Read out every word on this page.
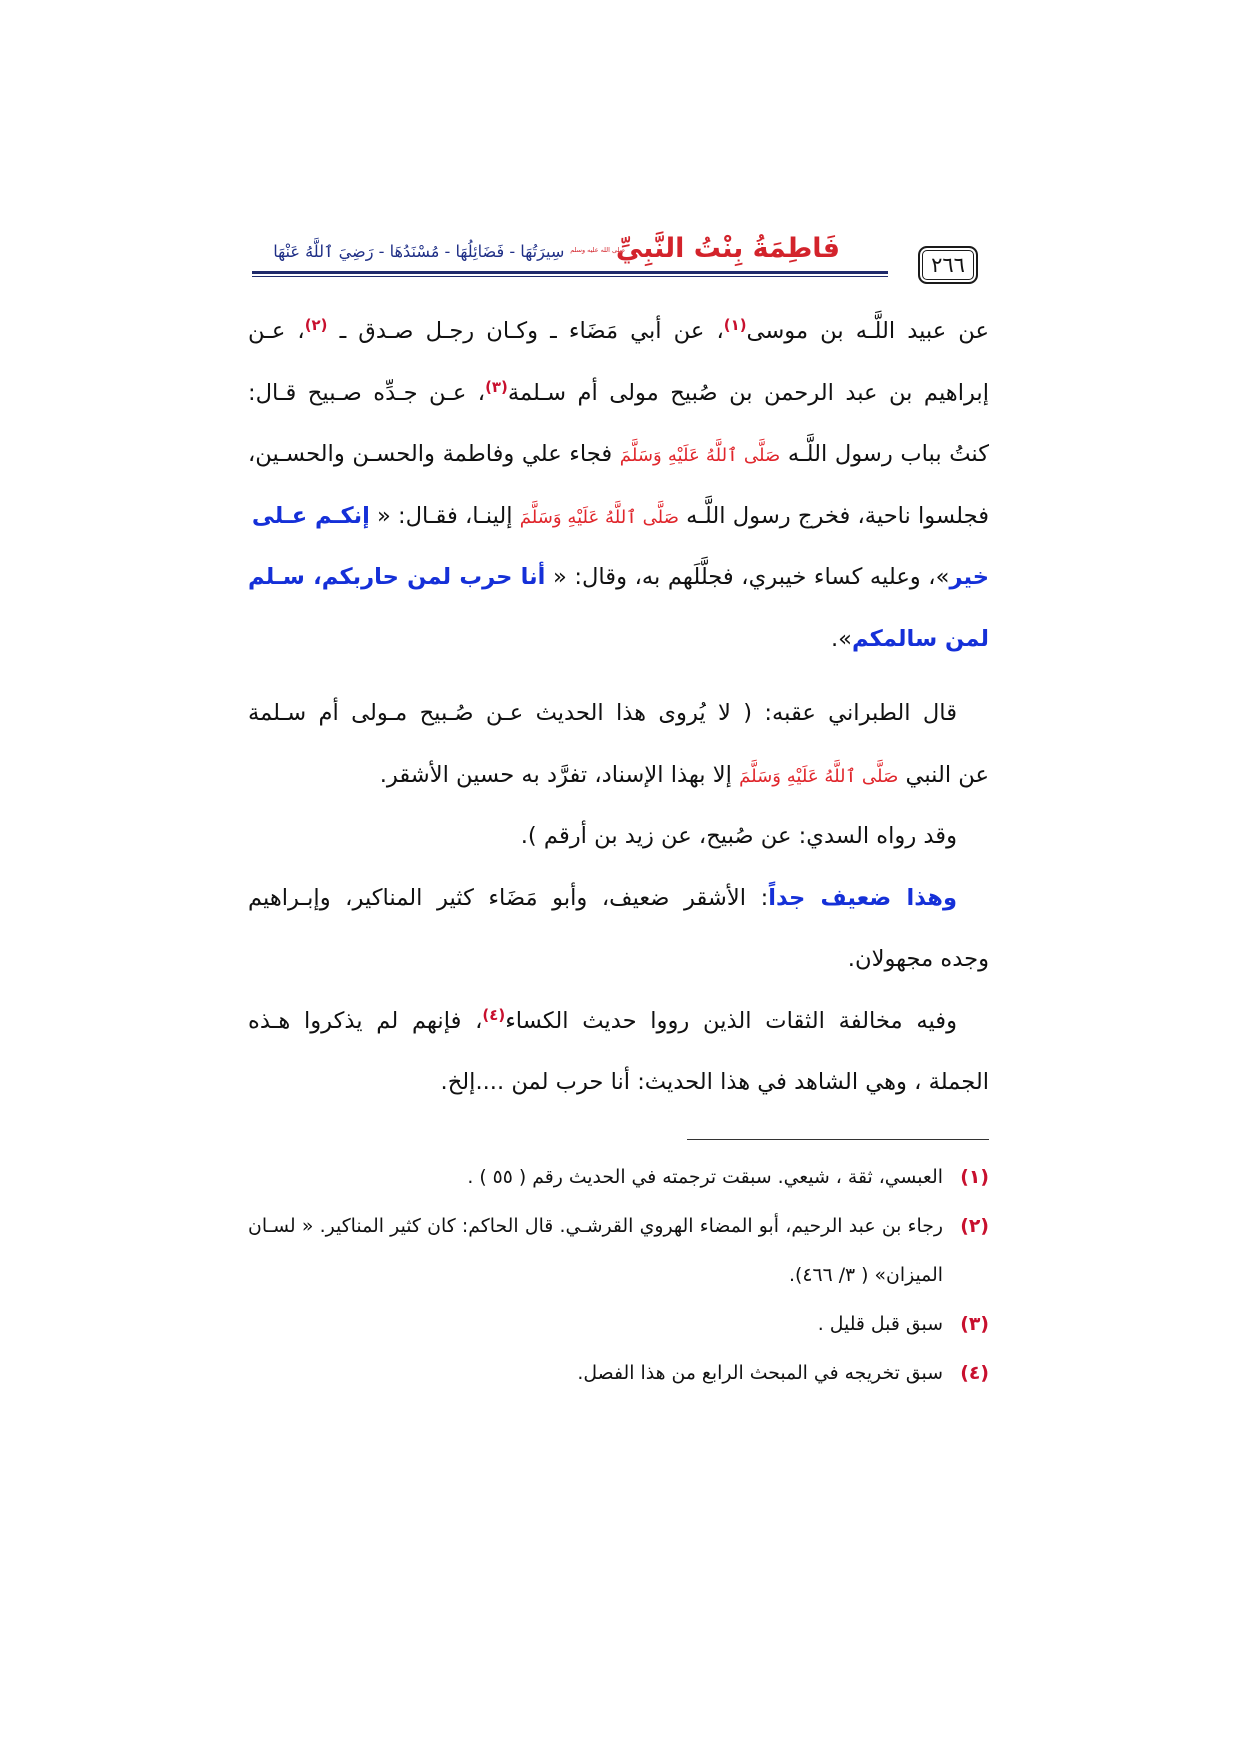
٢٦٦
فَاطِمَةُ بِنْتُ النَّبِيِّصلى الله عليه وسلمسِيرَتُهَا - فَضَائِلُهَا - مُسْنَدُهَا - رَضِيَ ٱللَّهُ عَنْهَا
عن عبيد اللَّـه بن موسى$^{(١)}$، عن أبي مَضَاء ـ وكـان رجـل صـدق ـ $^{(٢)}$، عـن
إبراهيم بن عبد الرحمن بن صُبيح مولى أم سـلمة$^{(٣)}$، عـن جـدِّه صـبيح قـال:
كنتُ بباب رسول اللَّـه صَلَّى ٱللَّهُ عَلَيْهِ وَسَلَّمَ فجاء علي وفاطمة والحسـن والحسـين،
فجلسوا ناحية، فخرج رسول اللَّـه صَلَّى ٱللَّهُ عَلَيْهِ وَسَلَّمَ إلينـا، فقـال: « إنكـم عـلى
خير»، وعليه كساء خيبري، فجلَّلَهم به، وقال: « أنا حرب لمن حاربكم، سـلم
لمن سالمكم».
قال الطبراني عقبه: ( لا يُروى هذا الحديث عـن صُـبيح مـولى أم سـلمة
عن النبي صَلَّى ٱللَّهُ عَلَيْهِ وَسَلَّمَ إلا بهذا الإسناد، تفرَّد به حسين الأشقر.
وقد رواه السدي: عن صُبيح، عن زيد بن أرقم ).
وهذا ضعيف جداً: الأشقر ضعيف، وأبو مَضَاء كثير المناكير، وإبـراهيم
وجده مجهولان.
وفيه مخالفة الثقات الذين رووا حديث الكساء$^{(٤)}$، فإنهم لم يذكروا هـذه
الجملة ، وهي الشاهد في هذا الحديث: أنا حرب لمن ....إلخ.
(١)
العبسي، ثقة ، شيعي. سبقت ترجمته في الحديث رقم ( ٥٥ ) .
(٢)
رجاء بن عبد الرحيم، أبو المضاء الهروي القرشـي. قال الحاكم: كان كثير المناكير. « لسـان
الميزان» ( ٣/ ٤٦٦).
(٣)
سبق قبل قليل .
(٤)
سبق تخريجه في المبحث الرابع من هذا الفصل.
